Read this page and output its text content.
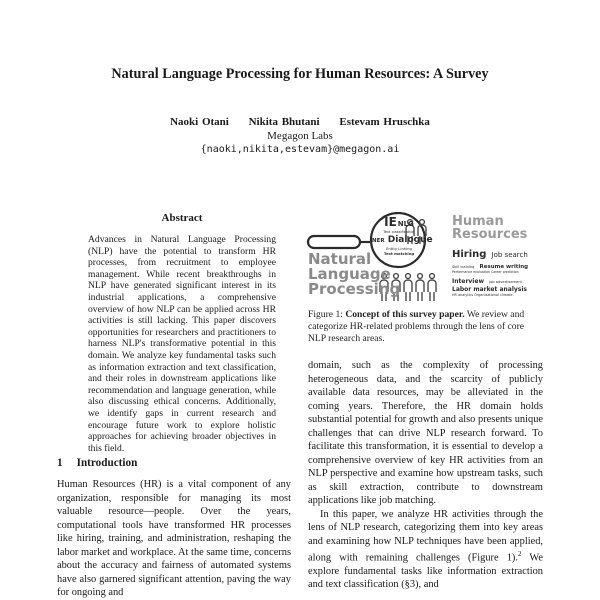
Natural Language Processing for Human Resources: A Survey
Naoki Otani Nikita Bhutani Estevam Hruschka
Megagon Labs
{naoki,nikita,estevam}@megagon.ai
Abstract
Advances in Natural Language Processing (NLP) have the potential to transform HR processes, from recruitment to employee management. While recent breakthroughs in NLP have generated significant interest in its industrial applications, a comprehensive overview of how NLP can be applied across HR activities is still lacking. This paper discovers opportunities for researchers and practitioners to harness NLP's transformative potential in this domain. We analyze key fundamental tasks such as information extraction and text classification, and their roles in downstream applications like recommendation and language generation, while also discussing ethical concerns. Additionally, we identify gaps in current research and encourage future work to explore holistic approaches for achieving broader objectives in this field.
1 Introduction
Human Resources (HR) is a vital component of any organization, responsible for managing its most valuable resource—people. Over the years, computational tools have transformed HR processes like hiring, training, and administration, reshaping the labor market and workplace. At the same time, concerns about the accuracy and fairness of automated systems have also garnered significant attention, paving the way for ongoing and
Natural
Language
Processing
IENLG
Text classification
NER Dialogue
Entity Linking
Text matching
Human
Resources
Hiring Job search
Skill training Resume writing
Performance evaluation Career prediction
Interview Job advertisement
Labor market analysis
HR analytics Organizational climate
Figure 1: Concept of this survey paper. We review and categorize HR-related problems through the lens of core NLP research areas.

domain, such as the complexity of processing heterogeneous data, and the scarcity of publicly available data resources, may be alleviated in the coming years. Therefore, the HR domain holds substantial potential for growth and also presents unique challenges that can drive NLP research forward. To facilitate this transformation, it is essential to develop a comprehensive overview of key HR activities from an NLP perspective and examine how upstream tasks, such as skill extraction, contribute to downstream applications like job matching.

In this paper, we analyze HR activities through the lens of NLP research, categorizing them into key areas and examining how NLP techniques have been applied, along with remaining challenges (Figure 1).$^2$ We explore fundamental tasks like information extraction and text classification (§3), and
